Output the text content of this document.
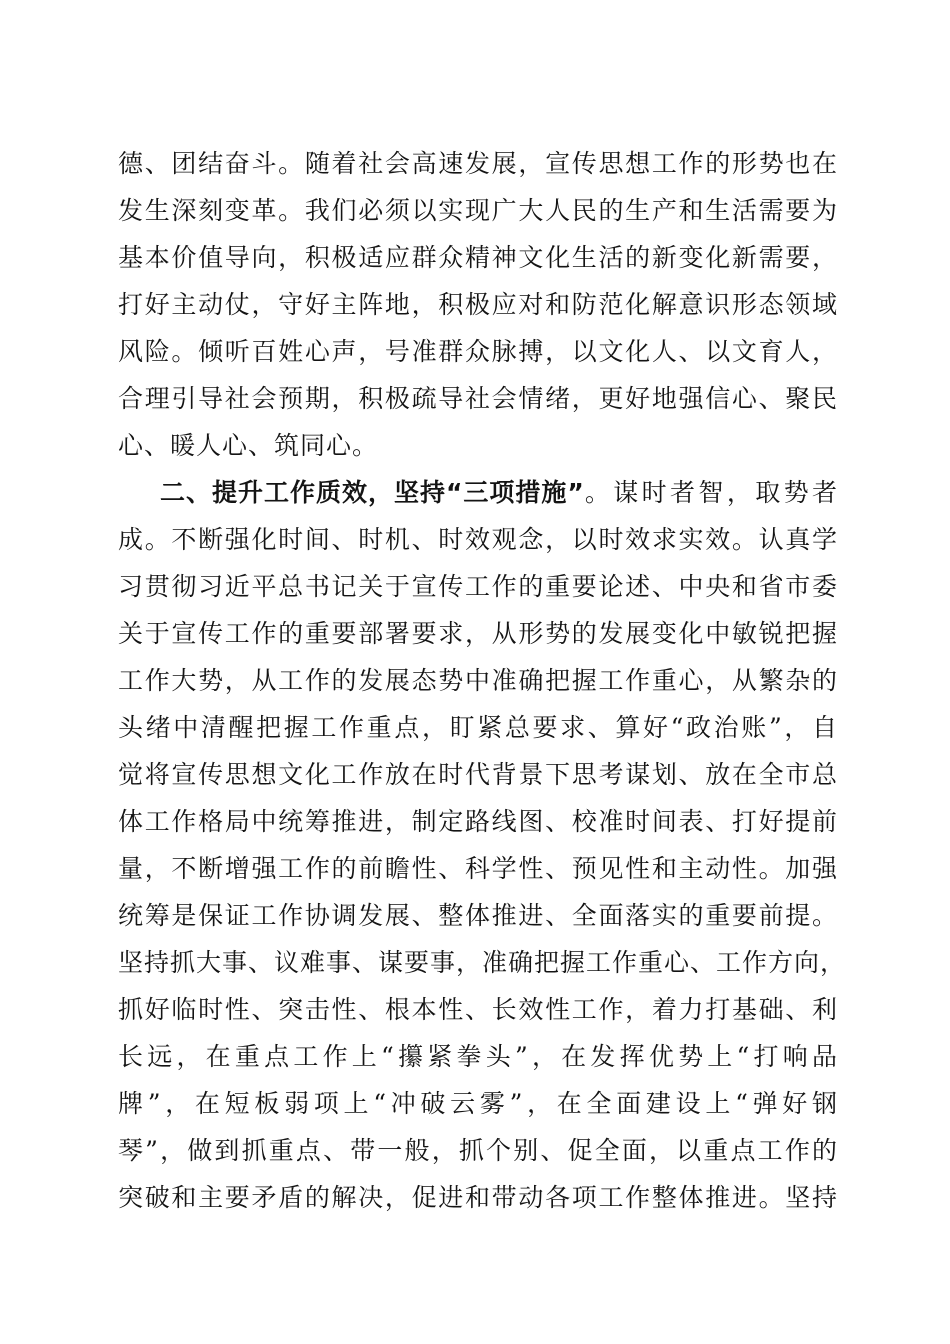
德、团结奋斗。随着社会高速发展，宣传思想工作的形势也在
发生深刻变革。我们必须以实现广大人民的生产和生活需要为
基本价值导向，积极适应群众精神文化生活的新变化新需要，
打好主动仗，守好主阵地，积极应对和防范化解意识形态领域
风险。倾听百姓心声，号准群众脉搏，以文化人、以文育人，
合理引导社会预期，积极疏导社会情绪，更好地强信心、聚民
心、暖人心、筑同心。
二、提升工作质效，坚持“三项措施” 。谋时者智，取势者
成。不断强化时间、时机、时效观念，以时效求实效。认真学
习贯彻习近平总书记关于宣传工作的重要论述、中央和省市委
关于宣传工作的重要部署要求，从形势的发展变化中敏锐把握
工作大势，从工作的发展态势中准确把握工作重心，从繁杂的
头绪中清醒把握工作重点，盯紧总要求、算好“政治账”，自
觉将宣传思想文化工作放在时代背景下思考谋划、放在全市总
体工作格局中统筹推进，制定路线图、校准时间表、打好提前
量，不断增强工作的前瞻性、科学性、预见性和主动性。加强
统筹是保证工作协调发展、整体推进、全面落实的重要前提。
坚持抓大事、议难事、谋要事，准确把握工作重心、工作方向，
抓好临时性、突击性、根本性、长效性工作，着力打基础、利
长远，在重点工作上“攥紧拳头”，在发挥优势上“打响品
牌”，在短板弱项上“冲破云雾”，在全面建设上“弹好钢
琴”，做到抓重点、带一般，抓个别、促全面，以重点工作的
突破和主要矛盾的解决，促进和带动各项工作整体推进。坚持
